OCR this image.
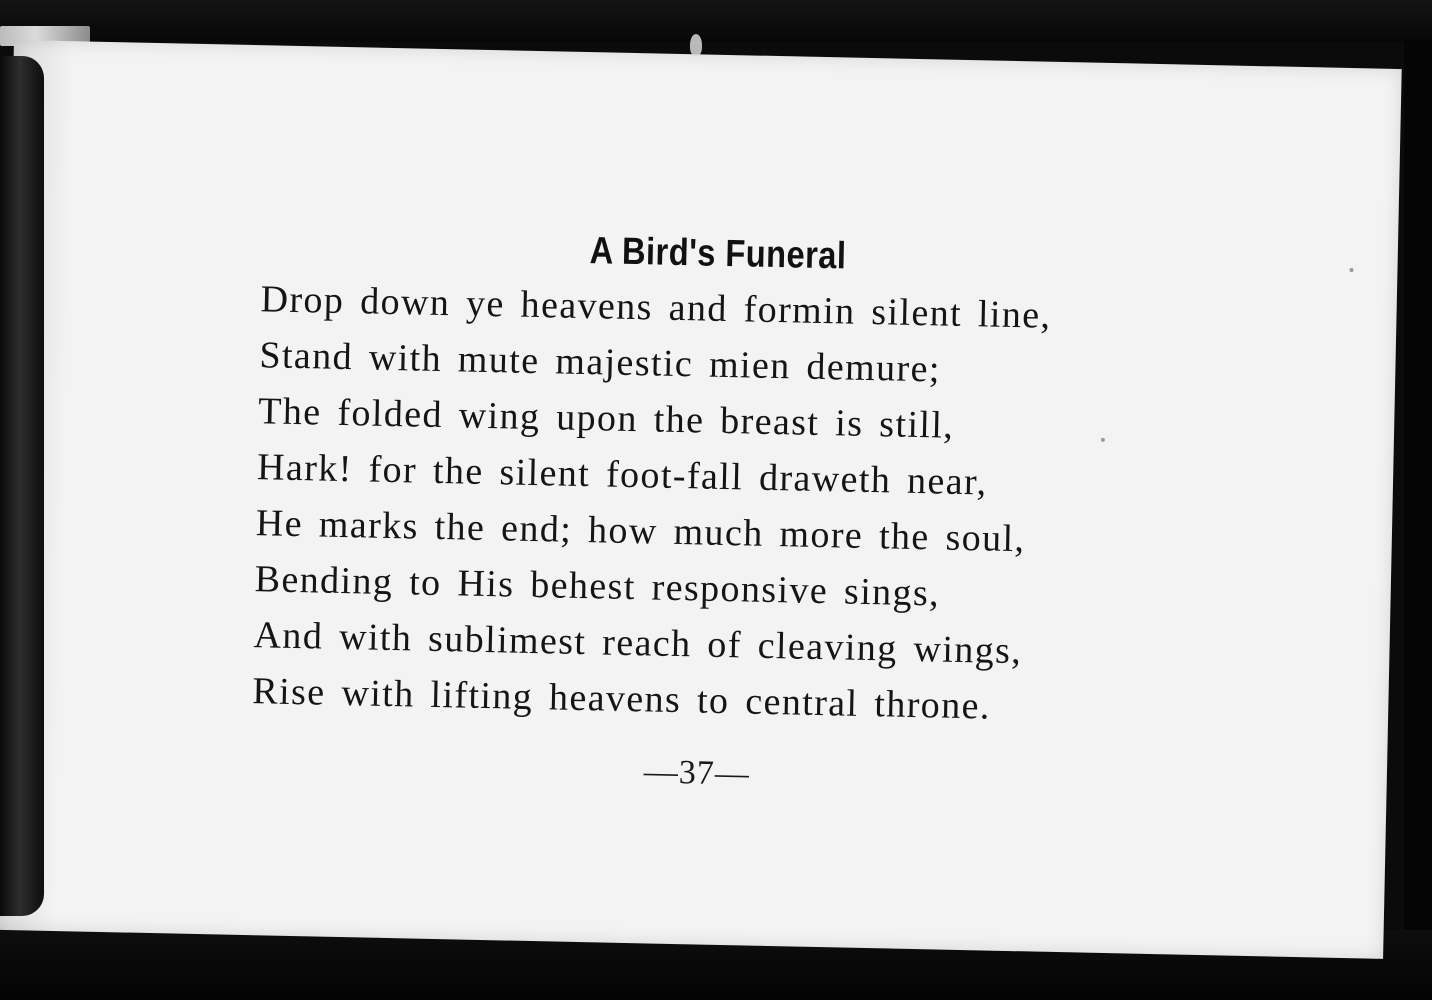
A Bird's Funeral
Drop down ye heavens and formin silent line,
Stand with mute majestic mien demure;
The folded wing upon the breast is still,
Hark! for the silent foot-fall draweth near,
He marks the end; how much more the soul,
Bending to His behest responsive sings,
And with sublimest reach of cleaving wings,
Rise with lifting heavens to central throne.
—37—
